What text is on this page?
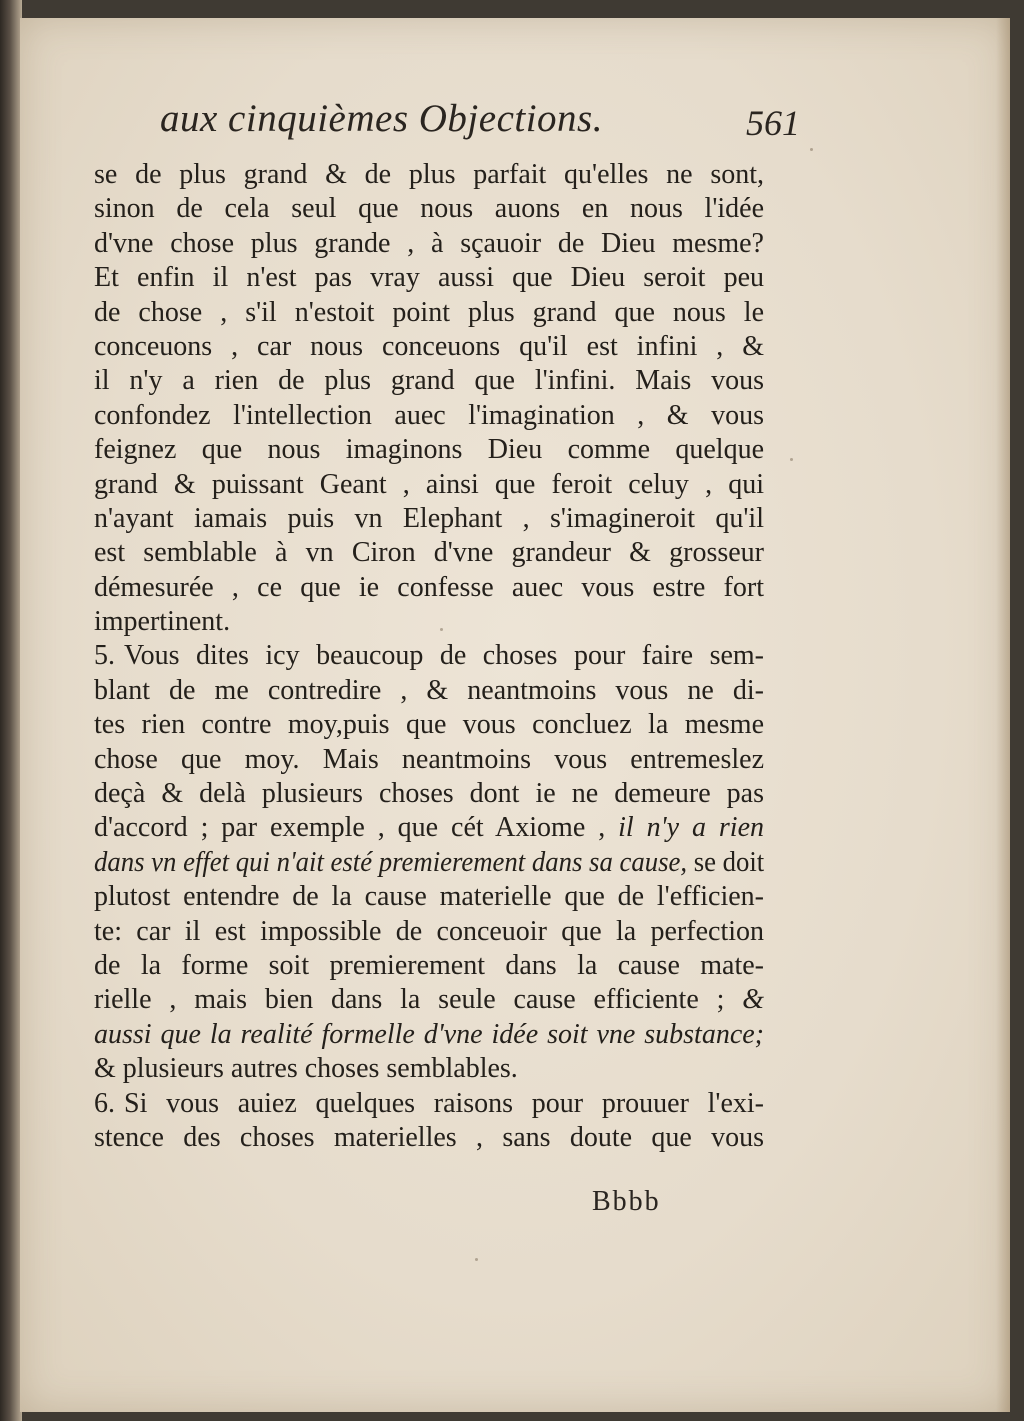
aux cinquièmes Objections.	561
se de plus grand & de plus parfait qu'elles ne sont,
sinon de cela seul que nous auons en nous l'idée
d'vne chose plus grande , à sçauoir de Dieu mesme?
Et enfin il n'est pas vray aussi que Dieu seroit peu
de chose , s'il n'estoit point plus grand que nous le
conceuons , car nous conceuons qu'il est infini , &
il n'y a rien de plus grand que l'infini. Mais vous
confondez l'intellection auec l'imagination , & vous
feignez que nous imaginons Dieu comme quelque
grand & puissant Geant , ainsi que feroit celuy , qui
n'ayant iamais puis vn Elephant , s'imagineroit qu'il
est semblable à vn Ciron d'vne grandeur & grosseur
démesurée , ce que ie confesse auec vous estre fort
impertinent.
5. Vous dites icy beaucoup de choses pour faire sem-
blant de me contredire , & neantmoins vous ne di-
tes rien contre moy,puis que vous concluez la mesme
chose que moy. Mais neantmoins vous entremeslez
deçà & delà plusieurs choses dont ie ne demeure pas
d'accord ; par exemple , que cét Axiome , il n'y a rien
dans vn effet qui n'ait esté premierement dans sa cause, se doit
plutost entendre de la cause materielle que de l'efficien-
te: car il est impossible de conceuoir que la perfection
de la forme soit premierement dans la cause mate-
rielle , mais bien dans la seule cause efficiente ; &
aussi que la realité formelle d'vne idée soit vne substance;
& plusieurs autres choses semblables.
6. Si vous auiez quelques raisons pour prouuer l'exi-
stence des choses materielles , sans doute que vous
Bbbb
